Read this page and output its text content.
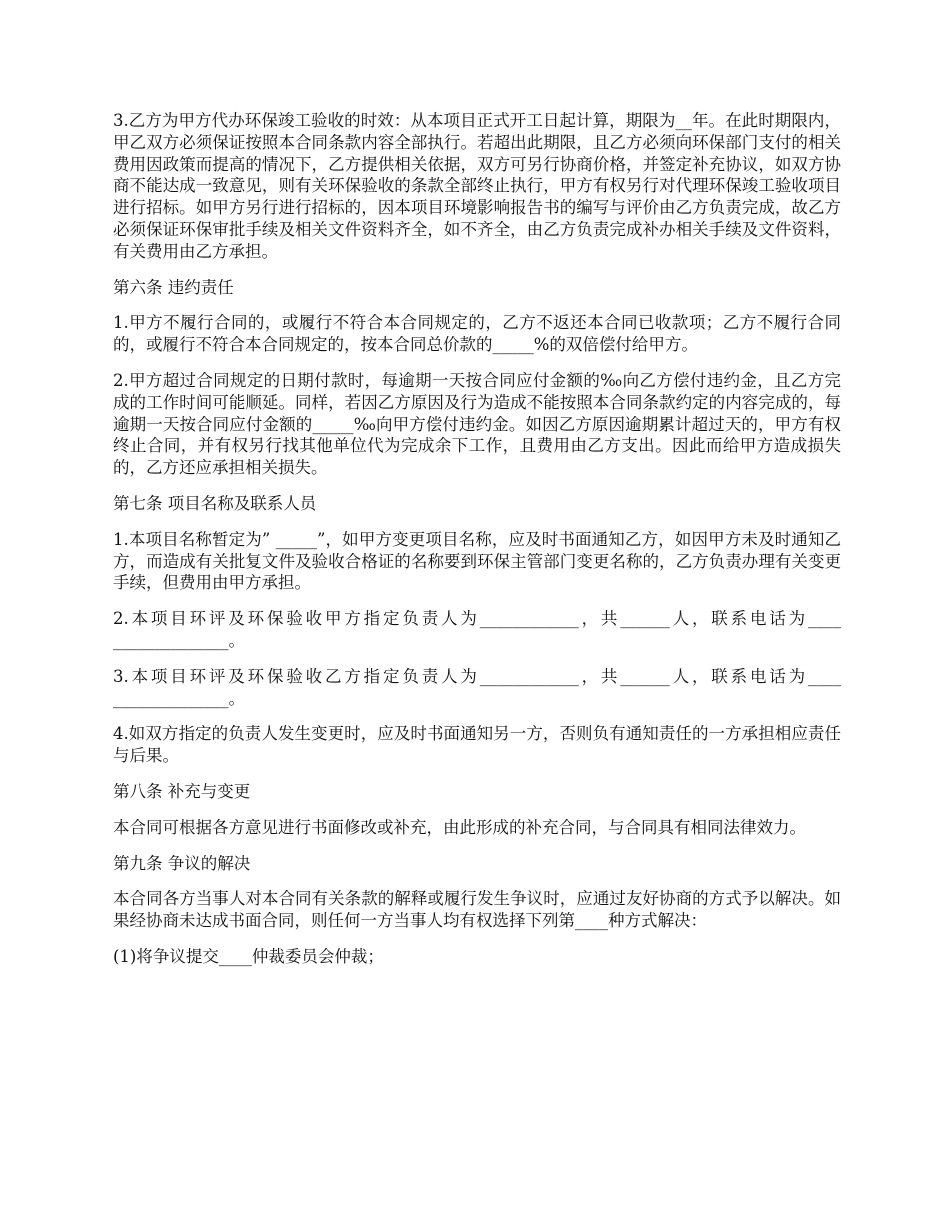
3.乙方为甲方代办环保竣工验收的时效：从本项目正式开工日起计算，期限为__年。在此时期限内，甲乙双方必须保证按照本合同条款内容全部执行。若超出此期限，且乙方必须向环保部门支付的相关费用因政策而提高的情况下，乙方提供相关依据，双方可另行协商价格，并签定补充协议，如双方协商不能达成一致意见，则有关环保验收的条款全部终止执行，甲方有权另行对代理环保竣工验收项目进行招标。如甲方另行进行招标的，因本项目环境影响报告书的编写与评价由乙方负责完成，故乙方必须保证环保审批手续及相关文件资料齐全，如不齐全，由乙方负责完成补办相关手续及文件资料，有关费用由乙方承担。

第六条 违约责任

1.甲方不履行合同的，或履行不符合本合同规定的，乙方不返还本合同已收款项；乙方不履行合同的，或履行不符合本合同规定的，按本合同总价款的_____%的双倍偿付给甲方。

2.甲方超过合同规定的日期付款时，每逾期一天按合同应付金额的‰向乙方偿付违约金，且乙方完成的工作时间可能顺延。同样，若因乙方原因及行为造成不能按照本合同条款约定的内容完成的，每逾期一天按合同应付金额的_____‰向甲方偿付违约金。如因乙方原因逾期累计超过天的，甲方有权终止合同，并有权另行找其他单位代为完成余下工作，且费用由乙方支出。因此而给甲方造成损失的，乙方还应承担相关损失。

第七条 项目名称及联系人员

1.本项目名称暂定为” _____”，如甲方变更项目名称，应及时书面通知乙方，如因甲方未及时通知乙方，而造成有关批复文件及验收合格证的名称要到环保主管部门变更名称的，乙方负责办理有关变更手续，但费用由甲方承担。

2.本项目环评及环保验收甲方指定负责人为____________，共______人，联系电话为____ ______________。

3.本项目环评及环保验收乙方指定负责人为____________，共______人，联系电话为____ ______________。

4.如双方指定的负责人发生变更时，应及时书面通知另一方，否则负有通知责任的一方承担相应责任与后果。

第八条 补充与变更

本合同可根据各方意见进行书面修改或补充，由此形成的补充合同，与合同具有相同法律效力。

第九条 争议的解决

本合同各方当事人对本合同有关条款的解释或履行发生争议时，应通过友好协商的方式予以解决。如果经协商未达成书面合同，则任何一方当事人均有权选择下列第____种方式解决：

(1)将争议提交____仲裁委员会仲裁；
